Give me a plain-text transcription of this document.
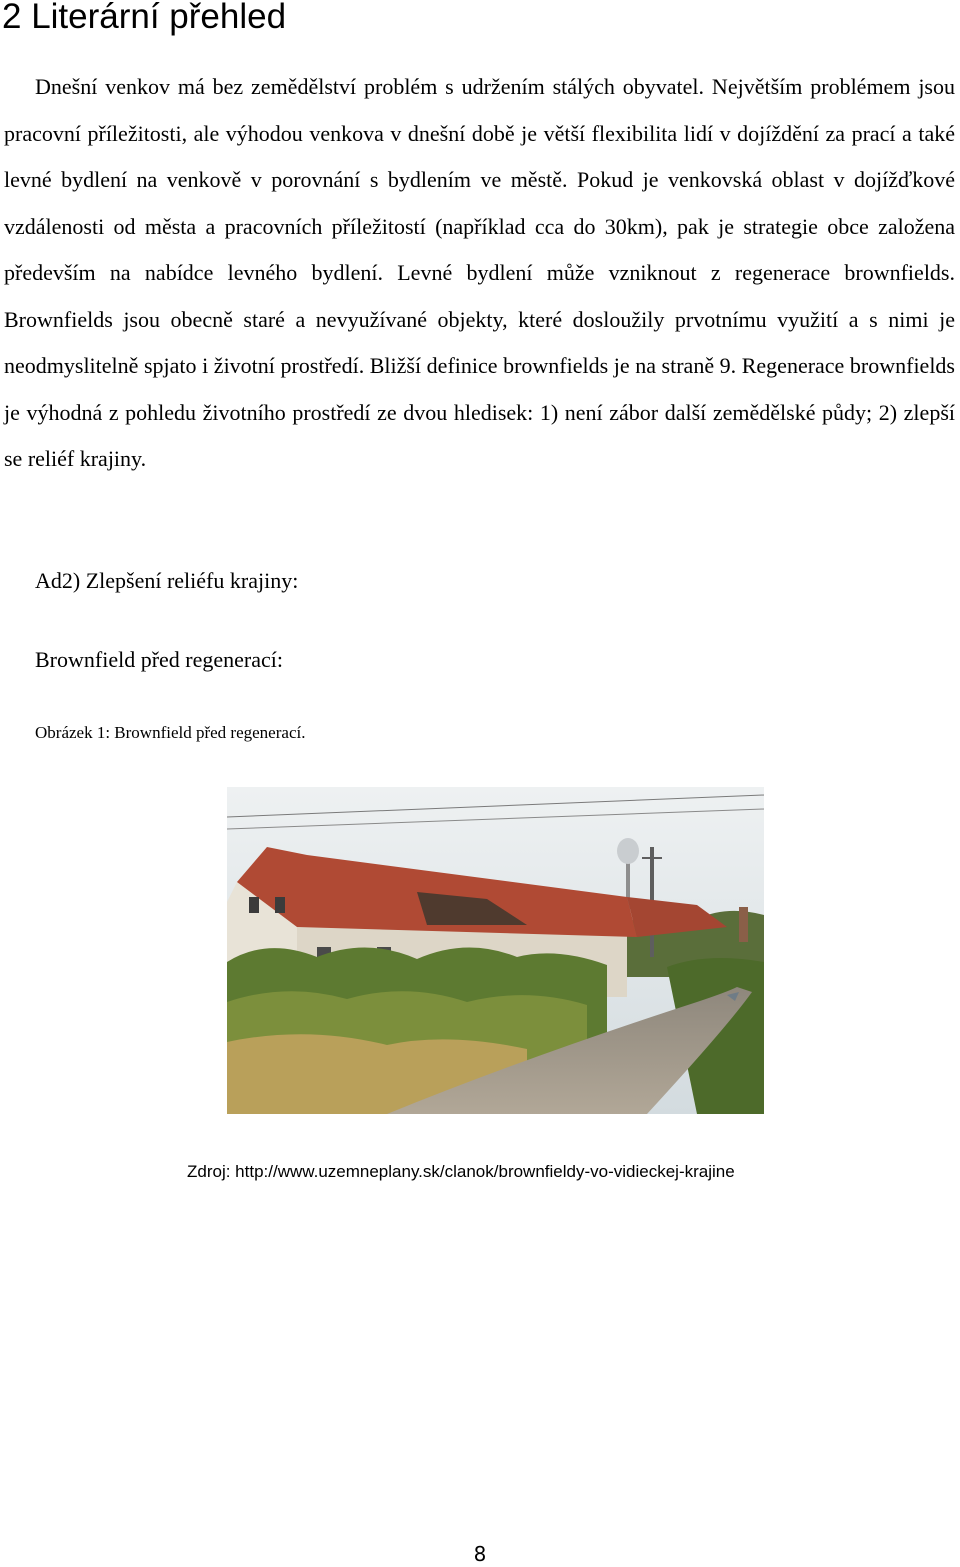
2 Literární přehled

Dnešní venkov má bez zemědělství problém s udržením stálých obyvatel. Největším problémem jsou pracovní příležitosti, ale výhodou venkova v dnešní době je větší flexibilita lidí v dojíždění za prací a také levné bydlení na venkově v porovnání s bydlením ve městě. Pokud je venkovská oblast v dojížďkové vzdálenosti od města a pracovních příležitostí (například cca do 30km), pak je strategie obce založena především na nabídce levného bydlení. Levné bydlení může vzniknout z regenerace brownfields. Brownfields jsou obecně staré a nevyužívané objekty, které dosloužily prvotnímu využití a s nimi je neodmyslitelně spjato i životní prostředí. Bližší definice brownfields je na straně 9. Regenerace brownfields je výhodná z pohledu životního prostředí ze dvou hledisek: 1) není zábor další zemědělské půdy; 2) zlepší se reliéf krajiny.

Ad2) Zlepšení reliéfu krajiny:

Brownfield před regenerací:

Obrázek 1: Brownfield před regenerací.

Zdroj: http://www.uzemneplany.sk/clanok/brownfieldy-vo-vidieckej-krajine

8
